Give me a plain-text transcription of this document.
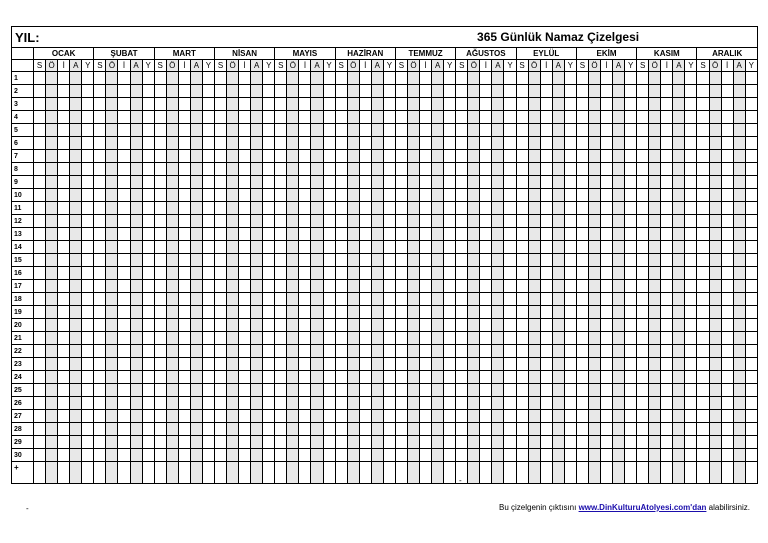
YIL:																												365 Günlük Namaz Çizelgesi																																
	OCAK					ŞUBAT					MART					NİSAN					MAYIS					HAZİRAN					TEMMUZ					AĞUSTOS					EYLÜL					EKİM					KASIM					ARALIK				
	S	Ö	İ	A	Y	S	Ö	İ	A	Y	S	Ö	İ	A	Y	S	Ö	İ	A	Y	S	Ö	İ	A	Y	S	Ö	İ	A	Y	S	Ö	İ	A	Y	S	Ö	İ	A	Y	S	Ö	İ	A	Y	S	Ö	İ	A	Y	S	Ö	İ	A	Y	S	Ö	İ	A	Y
1																																																												
2																																																												
3																																																												
4																																																												
5																																																												
6																																																												
7																																																												
8																																																												
9																																																												
10																																																												
11																																																												
12																																																												
13																																																												
14																																																												
15																																																												
16																																																												
17																																																												
18																																																												
19																																																												
20																																																												
21																																																												
22																																																												
23																																																												
24																																																												
25																																																												
26																																																												
27																																																												
28																																																												
29																																																												
30																																																												
+																																																												
-
-	Bu çizelgenin çıktısını www.DinKulturuAtolyesi.com'dan alabilirsiniz.
